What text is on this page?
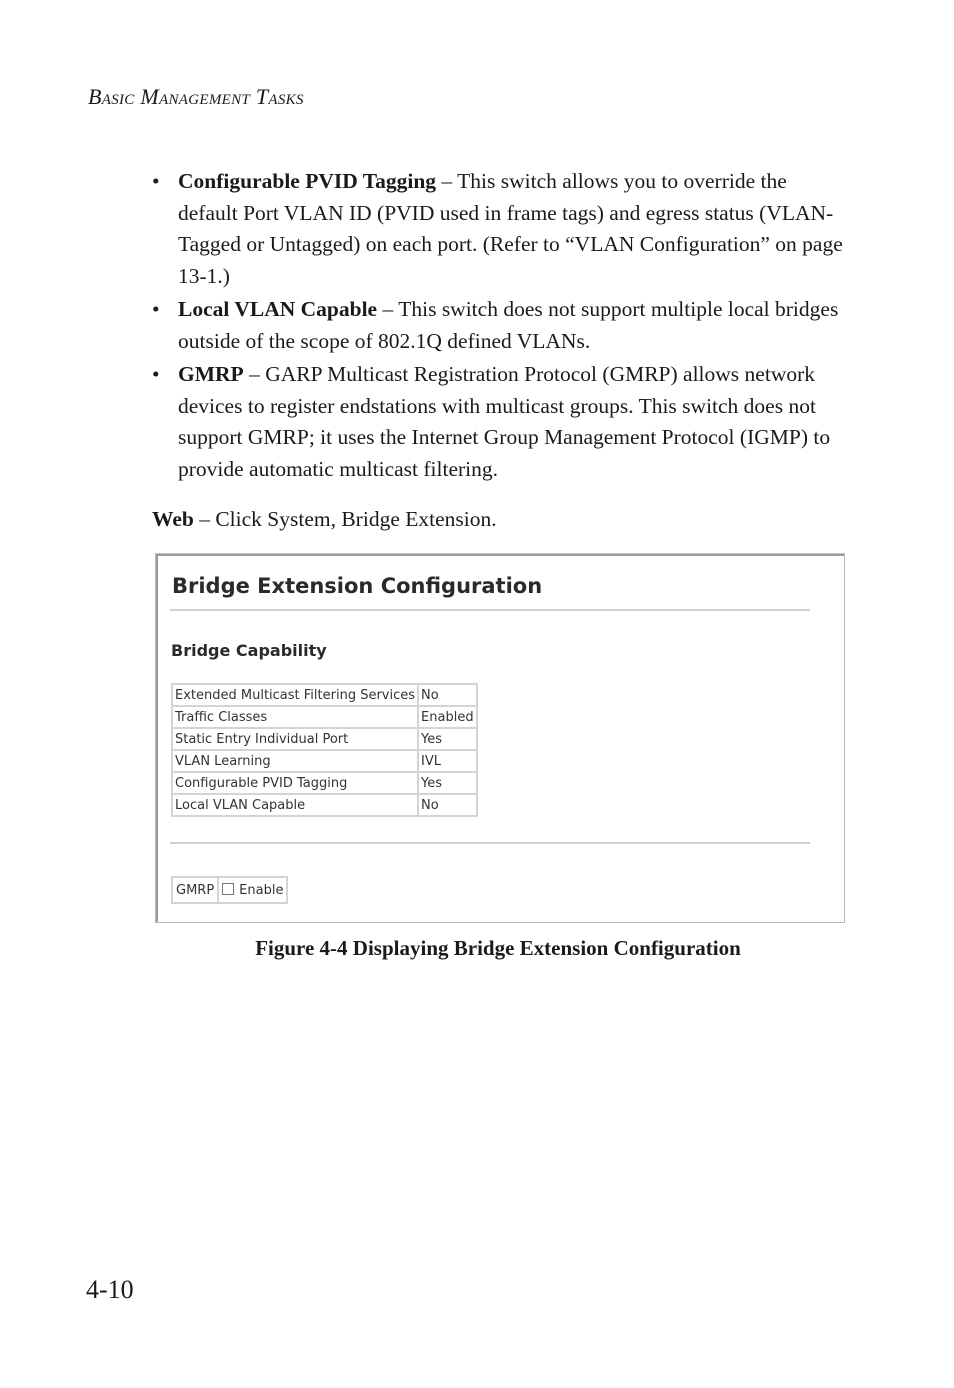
Basic Management Tasks
• Configurable PVID Tagging – This switch allows you to override the default Port VLAN ID (PVID used in frame tags) and egress status (VLAN-Tagged or Untagged) on each port. (Refer to “VLAN Configuration” on page 13-1.)
• Local VLAN Capable – This switch does not support multiple local bridges outside of the scope of 802.1Q defined VLANs.
• GMRP – GARP Multicast Registration Protocol (GMRP) allows network devices to register endstations with multicast groups. This switch does not support GMRP; it uses the Internet Group Management Protocol (IGMP) to provide automatic multicast filtering.
Web – Click System, Bridge Extension.
Bridge Extension Configuration
Bridge Capability
Extended Multicast Filtering Services	No
Traffic Classes	Enabled
Static Entry Individual Port	Yes
VLAN Learning	IVL
Configurable PVID Tagging	Yes
Local VLAN Capable	No
GMRP	Enable
Figure 4-4 Displaying Bridge Extension Configuration
4-10
